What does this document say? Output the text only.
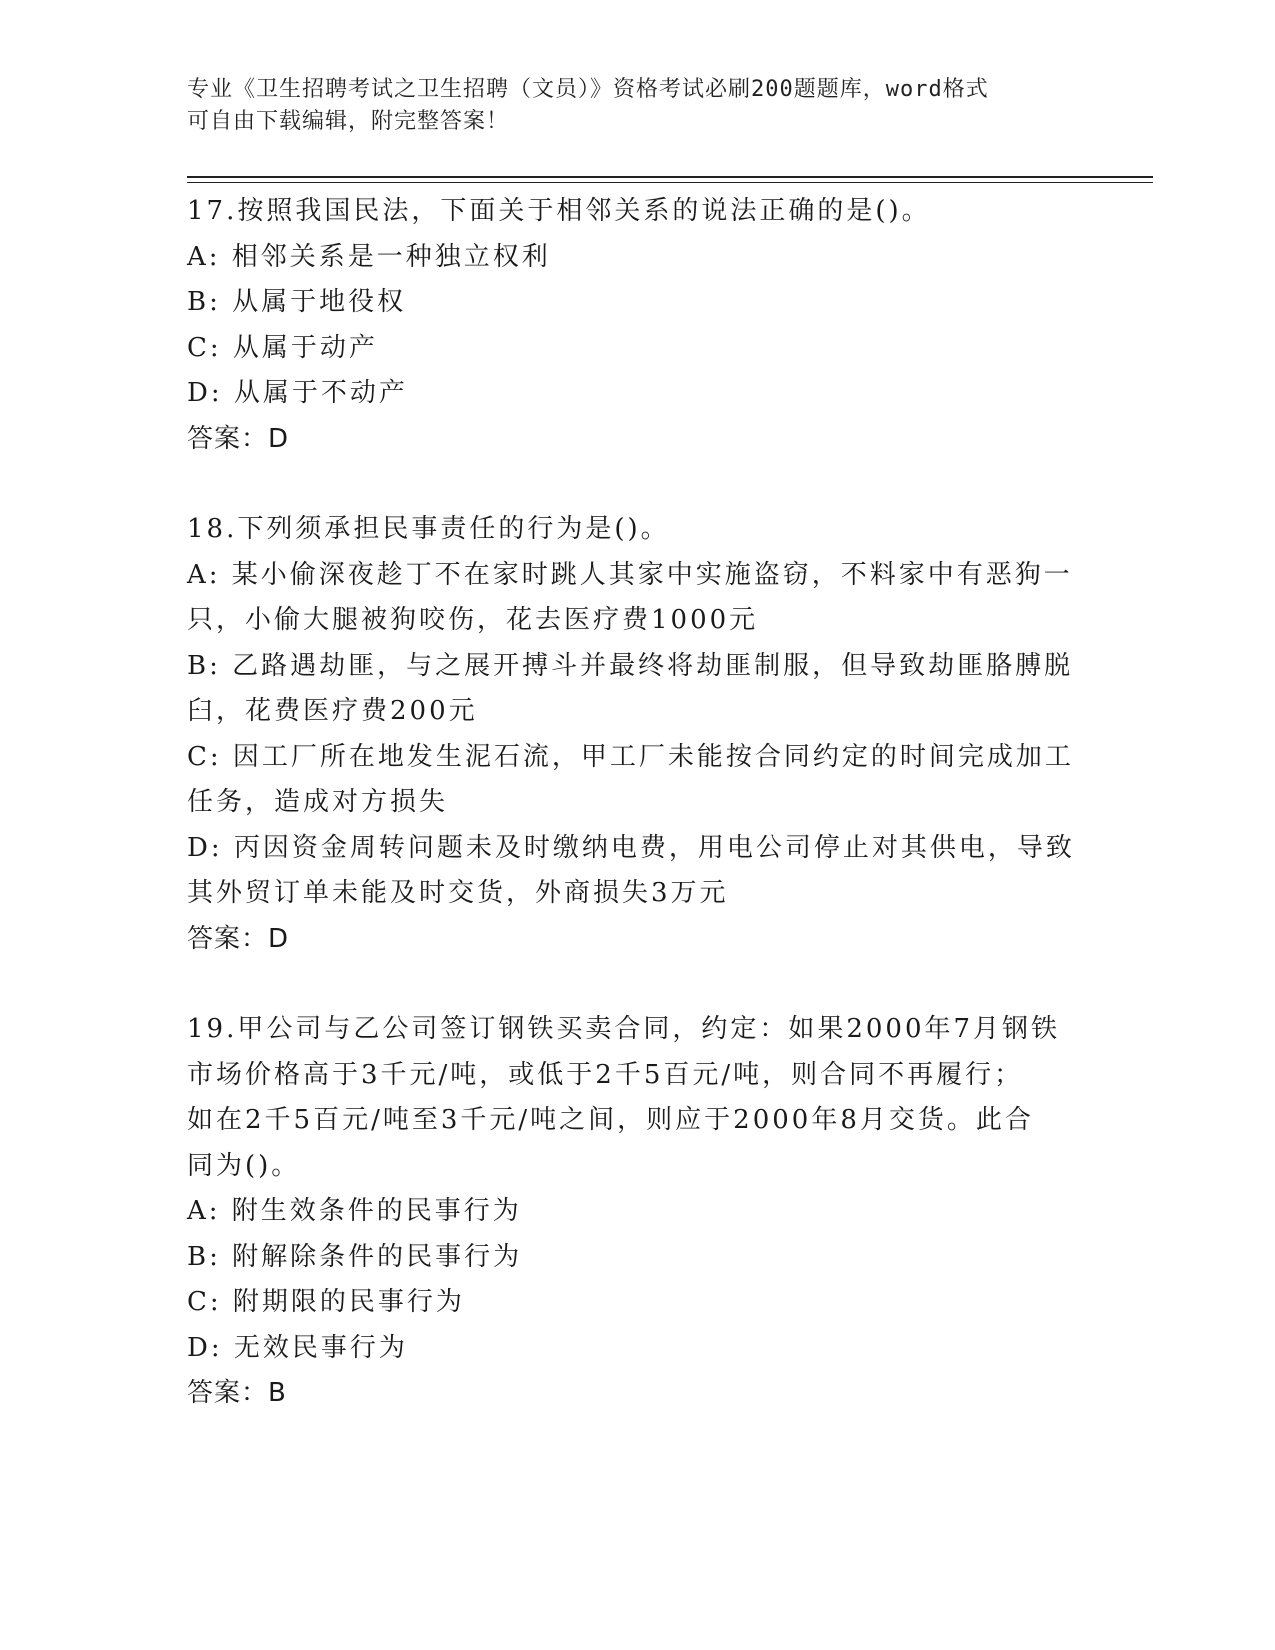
专业《卫生招聘考试之卫生招聘（文员）》资格考试必刷200题题库，word格式
可自由下载编辑，附完整答案！

17.按照我国民法，下面关于相邻关系的说法正确的是()。

A: 相邻关系是一种独立权利

B: 从属于地役权

C: 从属于动产

D: 从属于不动产

答案：D

18.下列须承担民事责任的行为是()。

A: 某小偷深夜趁丁不在家时跳人其家中实施盗窃，不料家中有恶狗一

只，小偷大腿被狗咬伤，花去医疗费1000元

B: 乙路遇劫匪，与之展开搏斗并最终将劫匪制服，但导致劫匪胳膊脱

臼，花费医疗费200元

C: 因工厂所在地发生泥石流，甲工厂未能按合同约定的时间完成加工

任务，造成对方损失

D: 丙因资金周转问题未及时缴纳电费，用电公司停止对其供电，导致

其外贸订单未能及时交货，外商损失3万元

答案：D

19.甲公司与乙公司签订钢铁买卖合同，约定：如果2000年7月钢铁

市场价格高于3千元/吨，或低于2千5百元/吨，则合同不再履行；

如在2千5百元/吨至3千元/吨之间，则应于2000年8月交货。此合

同为()。

A: 附生效条件的民事行为

B: 附解除条件的民事行为

C: 附期限的民事行为

D: 无效民事行为

答案：B
